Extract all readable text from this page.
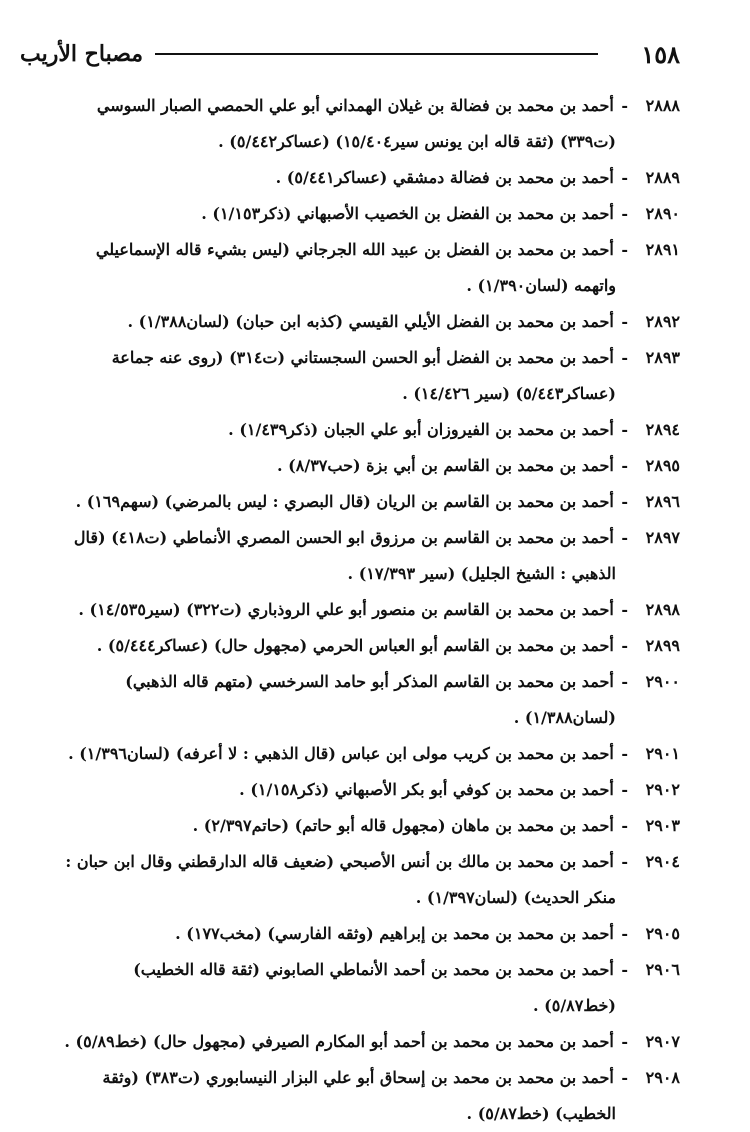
١٥٨
مصباح الأريب
٢٨٨٨- أحمد بن محمد بن فضالة بن غيلان الهمداني أبو علي الحمصي الصبار السوسي (ت٣٣٩) (ثقة قاله ابن يونس سير١٥/٤٠٤) (عساكر٥/٤٤٢) .
٢٨٨٩- أحمد بن محمد بن فضالة دمشقي (عساكر٥/٤٤١) .
٢٨٩٠- أحمد بن محمد بن الفضل بن الخصيب الأصبهاني (ذكر١/١٥٣) .
٢٨٩١- أحمد بن محمد بن الفضل بن عبيد الله الجرجاني (ليس بشيء قاله الإسماعيلي واتهمه (لسان١/٣٩٠) .
٢٨٩٢- أحمد بن محمد بن الفضل الأيلي القيسي (كذبه ابن حبان) (لسان١/٣٨٨) .
٢٨٩٣- أحمد بن محمد بن الفضل أبو الحسن السجستاني (ت٣١٤) (روى عنه جماعة (عساكر٥/٤٤٣) (سير ١٤/٤٢٦) .
٢٨٩٤- أحمد بن محمد بن الفيروزان أبو علي الجبان (ذكر١/٤٣٩) .
٢٨٩٥- أحمد بن محمد بن القاسم بن أبي بزة (حب٨/٣٧) .
٢٨٩٦- أحمد بن محمد بن القاسم بن الريان (قال البصري : ليس بالمرضي) (سهم١٦٩) .
٢٨٩٧- أحمد بن محمد بن القاسم بن مرزوق ابو الحسن المصري الأنماطي (ت٤١٨) (قال الذهبي : الشيخ الجليل) (سير ١٧/٣٩٣) .
٢٨٩٨- أحمد بن محمد بن القاسم بن منصور أبو علي الروذباري (ت٣٢٢) (سير١٤/٥٣٥) .
٢٨٩٩- أحمد بن محمد بن القاسم أبو العباس الحرمي (مجهول حال) (عساكر٥/٤٤٤) .
٢٩٠٠- أحمد بن محمد بن القاسم المذكر أبو حامد السرخسي (متهم قاله الذهبي) (لسان١/٣٨٨) .
٢٩٠١- أحمد بن محمد بن كريب مولى ابن عباس (قال الذهبي : لا أعرفه) (لسان١/٣٩٦) .
٢٩٠٢- أحمد بن محمد بن كوفي أبو بكر الأصبهاني (ذكر١/١٥٨) .
٢٩٠٣- أحمد بن محمد بن ماهان (مجهول قاله أبو حاتم) (حاتم٢/٣٩٧) .
٢٩٠٤- أحمد بن محمد بن مالك بن أنس الأصبحي (ضعيف قاله الدارقطني وقال ابن حبان : منكر الحديث) (لسان١/٣٩٧) .
٢٩٠٥- أحمد بن محمد بن محمد بن إبراهيم (وثقه الفارسي) (مخب١٧٧) .
٢٩٠٦- أحمد بن محمد بن محمد بن أحمد الأنماطي الصابوني (ثقة قاله الخطيب) (خط٥/٨٧) .
٢٩٠٧- أحمد بن محمد بن محمد بن أحمد أبو المكارم الصيرفي (مجهول حال) (خط٥/٨٩) .
٢٩٠٨- أحمد بن محمد بن محمد بن إسحاق أبو علي البزار النيسابوري (ت٣٨٣) (وثقة الخطيب) (خط٥/٨٧) .
